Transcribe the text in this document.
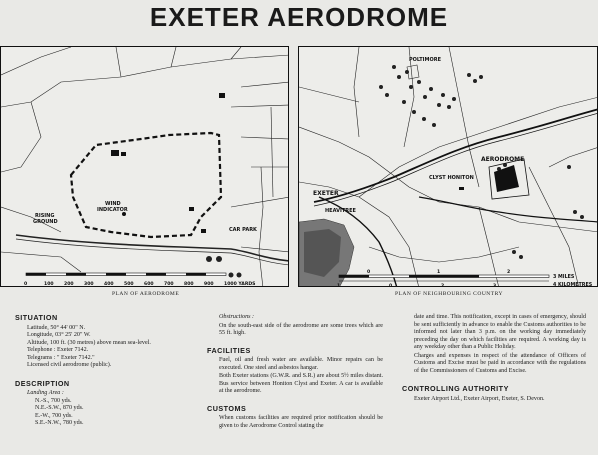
EXETER AERODROME
RISING
GROUND
WIND
INDICATOR
CAR PARK
0	100 200 300 400 500 600 700 800 900 1000 YARDS
PLAN OF AERODROME
POLTIMORE
AERODROME
CLYST HONITON
EXETER
HEAVITREE
3 MILES
4 KILOMETRES
0	1	2
1	0	2	3
PLAN OF NEIGHBOURING COUNTRY
SITUATION
Latitude, 50° 44' 00" N.
Longitude, 03° 25' 20" W.
Altitude, 100 ft. (30 metres) above mean sea-level.
Telephone : Exeter 7142.
Telegrams : " Exeter 7142."
Licensed civil aerodrome (public).
DESCRIPTION
Landing Area :
N.-S., 700 yds.
N.E.-S.W., 870 yds.
E.-W., 700 yds.
S.E.-N.W., 780 yds.

Obstructions :

On the south-east side of the aerodrome are some trees which are 55 ft. high.

FACILITIES

Fuel, oil and fresh water are available. Minor repairs can be executed. One steel and asbestos hangar.

Both Exeter stations (G.W.R. and S.R.) are about 5½ miles distant. Bus service between Honiton Clyst and Exeter. A car is available at the aerodrome.

CUSTOMS

When customs facilities are required prior notification should be given to the Aerodrome Control stating the

date and time. This notification, except in cases of emergency, should be sent sufficiently in advance to enable the Customs authorities to be informed not later than 3 p.m. on the working day immediately preceding the day on which facilities are required. A working day is any weekday other than a Public Holiday.

Charges and expenses in respect of the attendance of Officers of Customs and Excise must be paid in accordance with the regulations of the Commissioners of Customs and Excise.

CONTROLLING AUTHORITY

Exeter Airport Ltd., Exeter Airport, Exeter, S. Devon.
